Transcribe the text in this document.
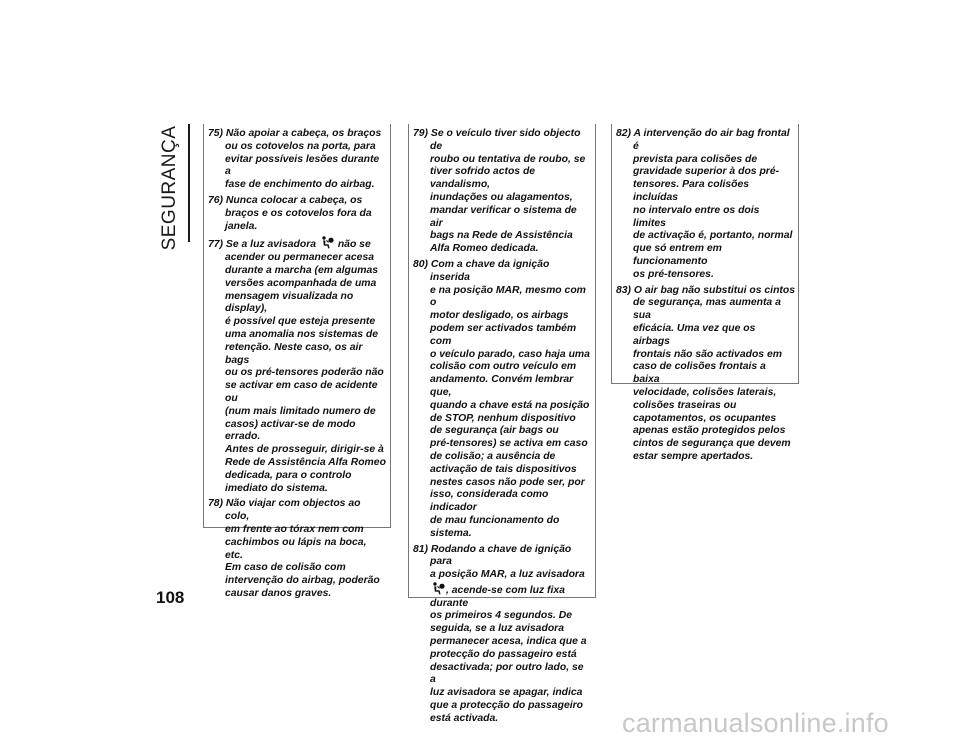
SEGURANÇA
108

75) Não apoiar a cabeça, os braços
ou os cotovelos na porta, para
evitar possíveis lesões durante a
fase de enchimento do airbag.

76) Nunca colocar a cabeça, os
braços e os cotovelos fora da
janela.

77) Se a luz avisadora não se
acender ou permanecer acesa
durante a marcha (em algumas
versões acompanhada de uma
mensagem visualizada no display),
é possível que esteja presente
uma anomalia nos sistemas de
retenção. Neste caso, os air bags
ou os pré-tensores poderão não
se activar em caso de acidente ou
(num mais limitado numero de
casos) activar-se de modo errado.
Antes de prosseguir, dirigir-se à
Rede de Assistência Alfa Romeo
dedicada, para o controlo
imediato do sistema.

78) Não viajar com objectos ao colo,
em frente ao tórax nem com
cachimbos ou lápis na boca, etc.
Em caso de colisão com
intervenção do airbag, poderão
causar danos graves.

79) Se o veículo tiver sido objecto de
roubo ou tentativa de roubo, se
tiver sofrido actos de vandalismo,
inundações ou alagamentos,
mandar verificar o sistema de air
bags na Rede de Assistência
Alfa Romeo dedicada.

80) Com a chave da ignição inserida
e na posição MAR, mesmo com o
motor desligado, os airbags
podem ser activados também com
o veículo parado, caso haja uma
colisão com outro veículo em
andamento. Convém lembrar que,
quando a chave está na posição
de STOP, nenhum dispositivo
de segurança (air bags ou
pré-tensores) se activa em caso
de colisão; a ausência de
activação de tais dispositivos
nestes casos não pode ser, por
isso, considerada como indicador
de mau funcionamento do
sistema.

81) Rodando a chave de ignição para
a posição MAR, a luz avisadora
, acende-se com luz fixa durante
os primeiros 4 segundos. De
seguida, se a luz avisadora
permanecer acesa, indica que a
protecção do passageiro está
desactivada; por outro lado, se a
luz avisadora se apagar, indica
que a protecção do passageiro
está activada.

82) A intervenção do air bag frontal é
prevista para colisões de
gravidade superior à dos pré-
tensores. Para colisões incluídas
no intervalo entre os dois limites
de activação é, portanto, normal
que só entrem em funcionamento
os pré-tensores.

83) O air bag não substitui os cintos
de segurança, mas aumenta a sua
eficácia. Uma vez que os airbags
frontais não são activados em
caso de colisões frontais a baixa
velocidade, colisões laterais,
colisões traseiras ou
capotamentos, os ocupantes
apenas estão protegidos pelos
cintos de segurança que devem
estar sempre apertados.

carmanualsonline.info
